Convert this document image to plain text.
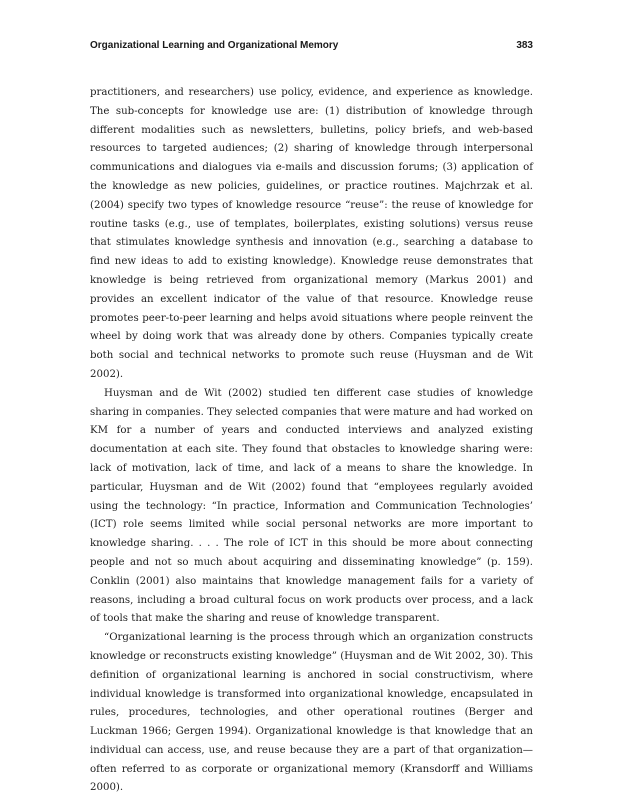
Organizational Learning and Organizational Memory	383

practitioners, and researchers) use policy, evidence, and experience as knowledge. The sub-concepts for knowledge use are: (1) distribution of knowledge through different modalities such as newsletters, bulletins, policy briefs, and web-based resources to targeted audiences; (2) sharing of knowledge through interpersonal communications and dialogues via e-mails and discussion forums; (3) application of the knowledge as new policies, guidelines, or practice routines. Majchrzak et al. (2004) specify two types of knowledge resource “reuse”: the reuse of knowledge for routine tasks (e.g., use of templates, boilerplates, existing solutions) versus reuse that stimulates knowledge synthesis and innovation (e.g., searching a database to find new ideas to add to existing knowledge). Knowledge reuse demonstrates that knowledge is being retrieved from organizational memory (Markus 2001) and provides an excellent indicator of the value of that resource. Knowledge reuse promotes peer-to-peer learning and helps avoid situations where people reinvent the wheel by doing work that was already done by others. Companies typically create both social and technical networks to promote such reuse (Huysman and de Wit 2002).

Huysman and de Wit (2002) studied ten different case studies of knowledge sharing in companies. They selected companies that were mature and had worked on KM for a number of years and conducted interviews and analyzed existing documentation at each site. They found that obstacles to knowledge sharing were: lack of motivation, lack of time, and lack of a means to share the knowledge. In particular, Huysman and de Wit (2002) found that “employees regularly avoided using the technology: “In practice, Information and Communication Technologies’ (ICT) role seems limited while social personal networks are more important to knowledge sharing. . . . The role of ICT in this should be more about connecting people and not so much about acquiring and disseminating knowledge” (p. 159). Conklin (2001) also maintains that knowledge management fails for a variety of reasons, including a broad cultural focus on work products over process, and a lack of tools that make the sharing and reuse of knowledge transparent.

“Organizational learning is the process through which an organization constructs knowledge or reconstructs existing knowledge” (Huysman and de Wit 2002, 30). This definition of organizational learning is anchored in social constructivism, where individual knowledge is transformed into organizational knowledge, encapsulated in rules, procedures, technologies, and other operational routines (Berger and Luckman 1966; Gergen 1994). Organizational knowledge is that knowledge that an individual can access, use, and reuse because they are a part of that organization—often referred to as corporate or organizational memory (Kransdorff and Williams 2000).
